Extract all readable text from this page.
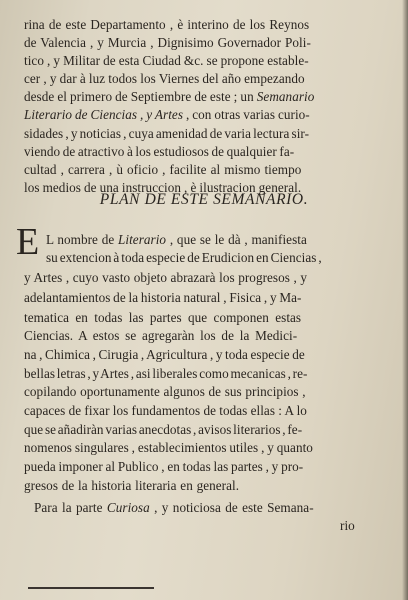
rina de este Departamento , è interino de los Reynos
de Valencia , y Murcia , Dignisimo Governador Poli-
tico , y Militar de esta Ciudad &c. se propone estable-
cer , y dar à luz todos los Viernes del año empezando
desde el primero de Septiembre de este ; un Semanario
Literario de Ciencias , y Artes , con otras varias curio-
sidades , y noticias , cuya amenidad de varia lectura sir-
viendo de atractivo à los estudiosos de qualquier fa-
cultad , carrera , ù oficio , facilite al mismo tiempo
los medios de una instruccion , è ilustracion general.
PLAN DE ESTE SEMANARIO.
E L nombre de Literario , que se le dà , manifiesta
su extencion à toda especie de Erudicion en Ciencias ,
y Artes , cuyo vasto objeto abrazarà los progresos , y
adelantamientos de la historia natural , Fisica , y Ma-
tematica en todas las partes que componen estas
Ciencias. A estos se agregaràn los de la Medici-
na , Chimica , Cirugia , Agricultura , y toda especie de
bellas letras , y Artes , asi liberales como mecanicas , re-
copilando oportunamente algunos de sus principios ,
capaces de fixar los fundamentos de todas ellas : A lo
que se añadiràn varias anecdotas , avisos literarios , fe-
nomenos singulares , establecimientos utiles , y quanto
pueda imponer al Publico , en todas las partes , y pro-
gresos de la historia literaria en general.
Para la parte Curiosa , y noticiosa de este Semana-
rio
